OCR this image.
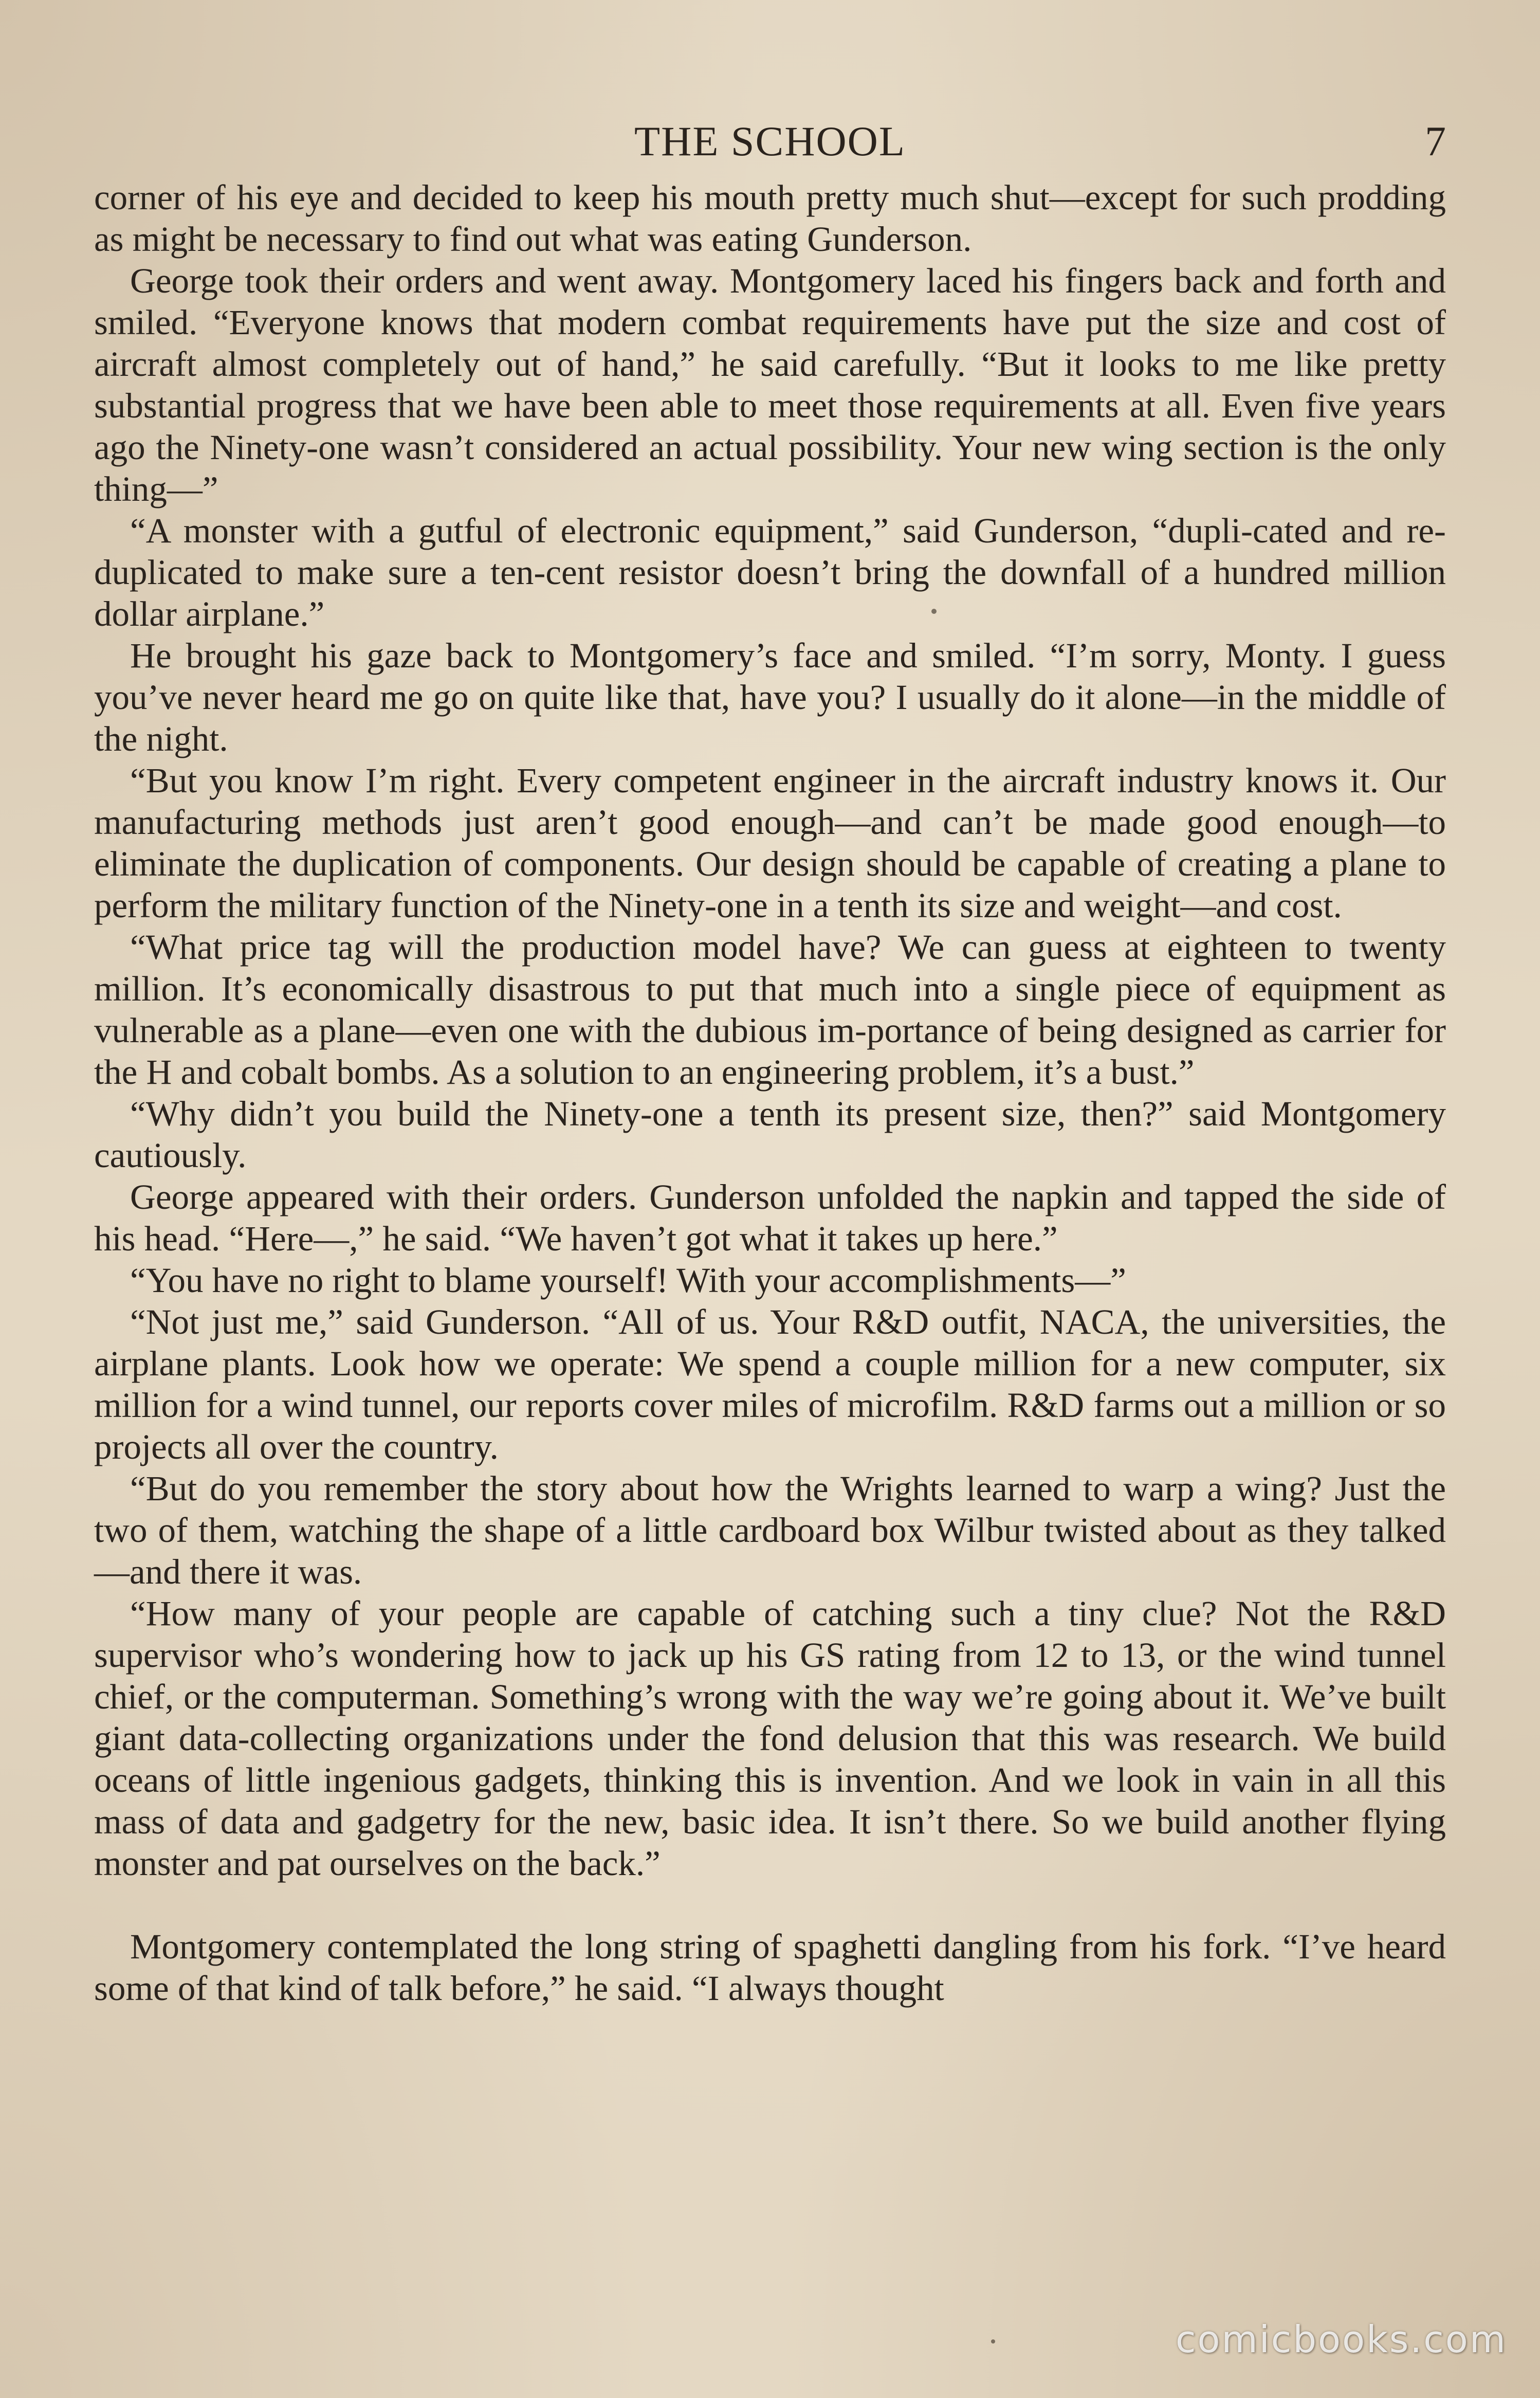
THE SCHOOL	7

corner of his eye and decided to keep his mouth pretty much shut—except for such prodding as might be necessary to find out what was eating Gunderson.

George took their orders and went away. Montgomery laced his fingers back and forth and smiled. “Everyone knows that modern combat requirements have put the size and cost of aircraft almost completely out of hand,” he said carefully. “But it looks to me like pretty substantial progress that we have been able to meet those requirements at all. Even five years ago the Ninety-one wasn’t considered an actual possibility. Your new wing section is the only thing—”

“A monster with a gutful of electronic equipment,” said Gunderson, “dupli-cated and re-duplicated to make sure a ten-cent resistor doesn’t bring the downfall of a hundred million dollar airplane.”

He brought his gaze back to Montgomery’s face and smiled. “I’m sorry, Monty. I guess you’ve never heard me go on quite like that, have you? I usually do it alone—in the middle of the night.

“But you know I’m right. Every competent engineer in the aircraft industry knows it. Our manufacturing methods just aren’t good enough—and can’t be made good enough—to eliminate the duplication of components. Our design should be capable of creating a plane to perform the military function of the Ninety-one in a tenth its size and weight—and cost.

“What price tag will the production model have? We can guess at eighteen to twenty million. It’s economically disastrous to put that much into a single piece of equipment as vulnerable as a plane—even one with the dubious im-portance of being designed as carrier for the H and cobalt bombs. As a solution to an engineering problem, it’s a bust.”

“Why didn’t you build the Ninety-one a tenth its present size, then?” said Montgomery cautiously.

George appeared with their orders. Gunderson unfolded the napkin and tapped the side of his head. “Here—,” he said. “We haven’t got what it takes up here.”

“You have no right to blame yourself! With your accomplishments—”

“Not just me,” said Gunderson. “All of us. Your R&D outfit, NACA, the universities, the airplane plants. Look how we operate: We spend a couple million for a new computer, six million for a wind tunnel, our reports cover miles of microfilm. R&D farms out a million or so projects all over the country.

“But do you remember the story about how the Wrights learned to warp a wing? Just the two of them, watching the shape of a little cardboard box Wilbur twisted about as they talked—and there it was.

“How many of your people are capable of catching such a tiny clue? Not the R&D supervisor who’s wondering how to jack up his GS rating from 12 to 13, or the wind tunnel chief, or the computerman. Something’s wrong with the way we’re going about it. We’ve built giant data-collecting organizations under the fond delusion that this was research. We build oceans of little ingenious gadgets, thinking this is invention. And we look in vain in all this mass of data and gadgetry for the new, basic idea. It isn’t there. So we build another flying monster and pat ourselves on the back.”

Montgomery contemplated the long string of spaghetti dangling from his fork. “I’ve heard some of that kind of talk before,” he said. “I always thought

comicbooks.com
